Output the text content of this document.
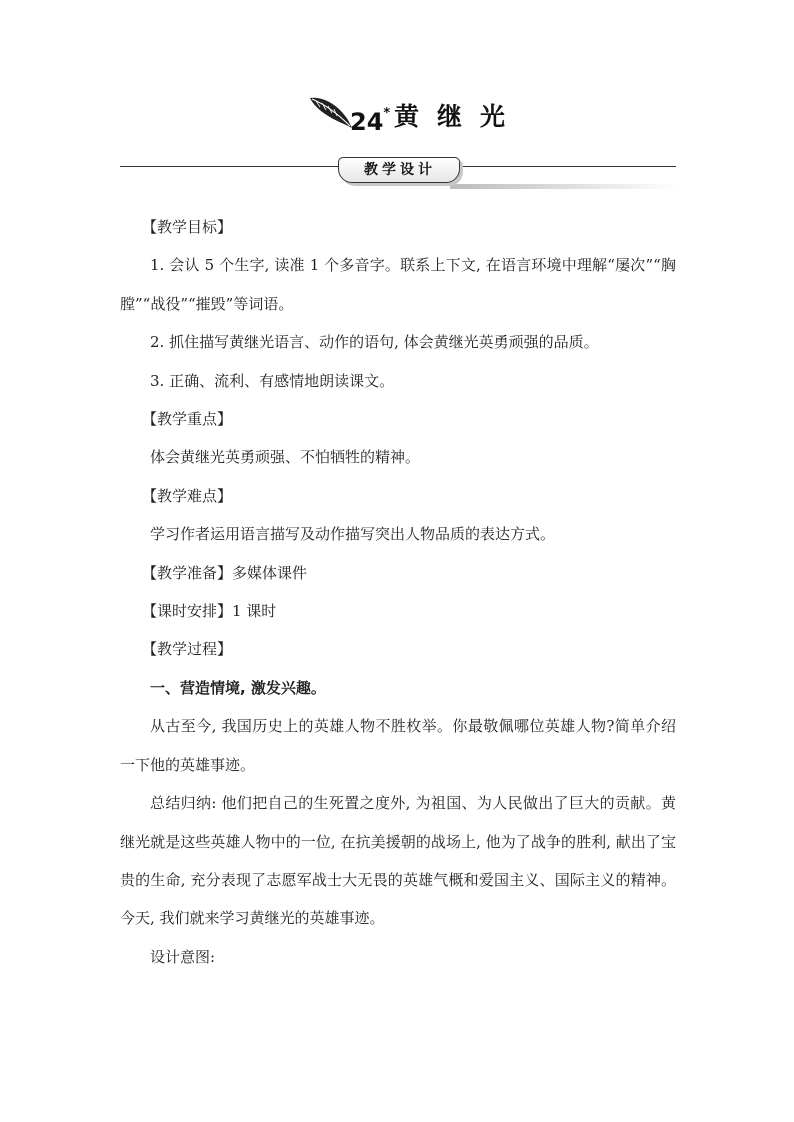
24* 黄继光
教学设计

【教学目标】

1. 会认 5 个生字, 读准 1 个多音字。联系上下文, 在语言环境中理解“屡次”“胸膛”“战役”“摧毁”等词语。

2. 抓住描写黄继光语言、动作的语句, 体会黄继光英勇顽强的品质。

3. 正确、流利、有感情地朗读课文。

【教学重点】

体会黄继光英勇顽强、不怕牺牲的精神。

【教学难点】

学习作者运用语言描写及动作描写突出人物品质的表达方式。

【教学准备】多媒体课件

【课时安排】1 课时

【教学过程】

一、营造情境, 激发兴趣。

从古至今, 我国历史上的英雄人物不胜枚举。你最敬佩哪位英雄人物?简单介绍一下他的英雄事迹。

总结归纳: 他们把自己的生死置之度外, 为祖国、为人民做出了巨大的贡献。黄继光就是这些英雄人物中的一位, 在抗美援朝的战场上, 他为了战争的胜利, 献出了宝贵的生命, 充分表现了志愿军战士大无畏的英雄气概和爱国主义、国际主义的精神。今天, 我们就来学习黄继光的英雄事迹。

设计意图:
